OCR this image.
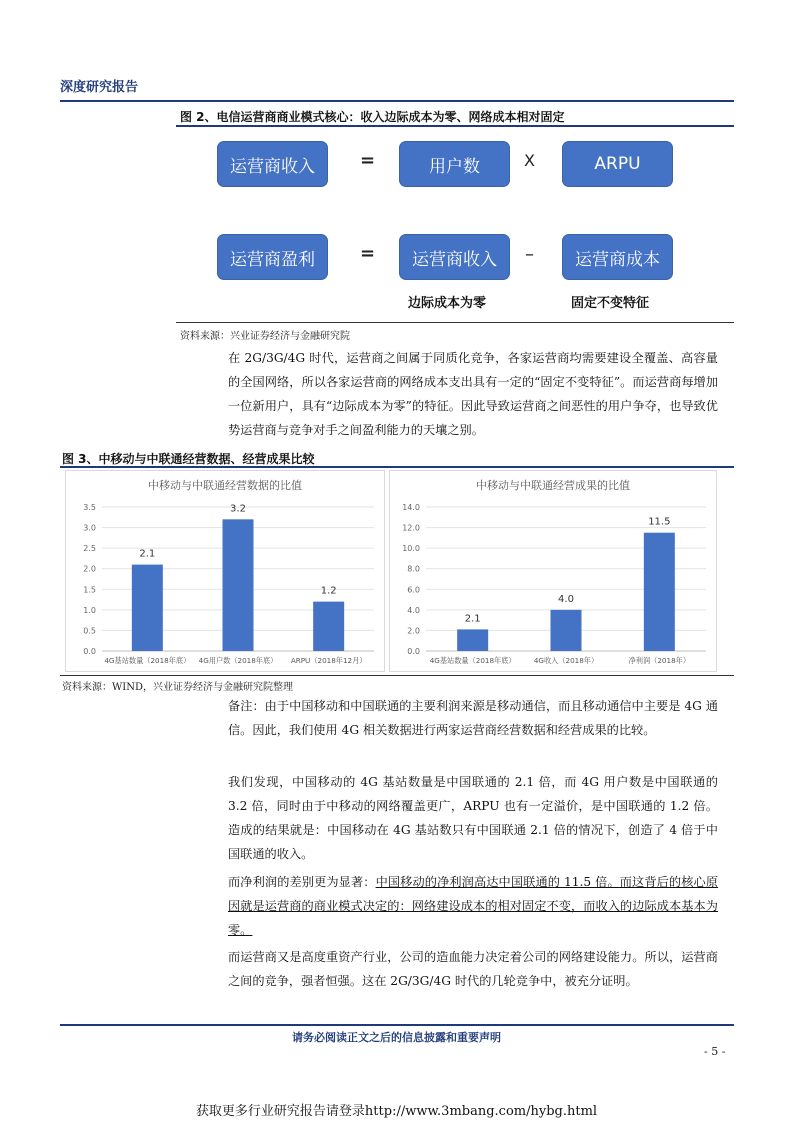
深度研究报告
图 2、电信运营商商业模式核心：收入边际成本为零、网络成本相对固定
运营商收入	=	用户数	X	ARPU
运营商盈利	=	运营商收入	–	运营商成本
边际成本为零	固定不变特征
资料来源：兴业证券经济与金融研究院
在 2G/3G/4G 时代，运营商之间属于同质化竞争，各家运营商均需要建设全覆盖、高容量的全国网络，所以各家运营商的网络成本支出具有一定的“固定不变特征”。而运营商每增加一位新用户，具有“边际成本为零”的特征。因此导致运营商之间恶性的用户争夺，也导致优势运营商与竞争对手之间盈利能力的天壤之别。
图 3、中移动与中联通经营数据、经营成果比较
中移动与中联通经营数据的比值
0.0
0.5
1.0
1.5
2.0
2.5
3.0
3.5
2.1
4G基站数量（2018年底）
3.2
4G用户数（2018年底）
1.2
ARPU（2018年12月）
中移动与中联通经营成果的比值
0.0
2.0
4.0
6.0
8.0
10.0
12.0
14.0
2.1
4G基站数量（2018年底）
4.0
4G收入（2018年）
11.5
净利润（2018年）
资料来源：WIND，兴业证券经济与金融研究院整理
备注：由于中国移动和中国联通的主要利润来源是移动通信，而且移动通信中主要是 4G 通信。因此，我们使用 4G 相关数据进行两家运营商经营数据和经营成果的比较。
我们发现，中国移动的 4G 基站数量是中国联通的 2.1 倍，而 4G 用户数是中国联通的 3.2 倍，同时由于中移动的网络覆盖更广，ARPU 也有一定溢价，是中国联通的 1.2 倍。造成的结果就是：中国移动在 4G 基站数只有中国联通 2.1 倍的情况下，创造了 4 倍于中国联通的收入。
而净利润的差别更为显著：中国移动的净利润高达中国联通的 11.5 倍。而这背后的核心原因就是运营商的商业模式决定的：网络建设成本的相对固定不变，而收入的边际成本基本为零。
而运营商又是高度重资产行业，公司的造血能力决定着公司的网络建设能力。所以，运营商之间的竞争，强者恒强。这在 2G/3G/4G 时代的几轮竞争中，被充分证明。
请务必阅读正文之后的信息披露和重要声明
- 5 -
获取更多行业研究报告请登录http://www.3mbang.com/hybg.html
